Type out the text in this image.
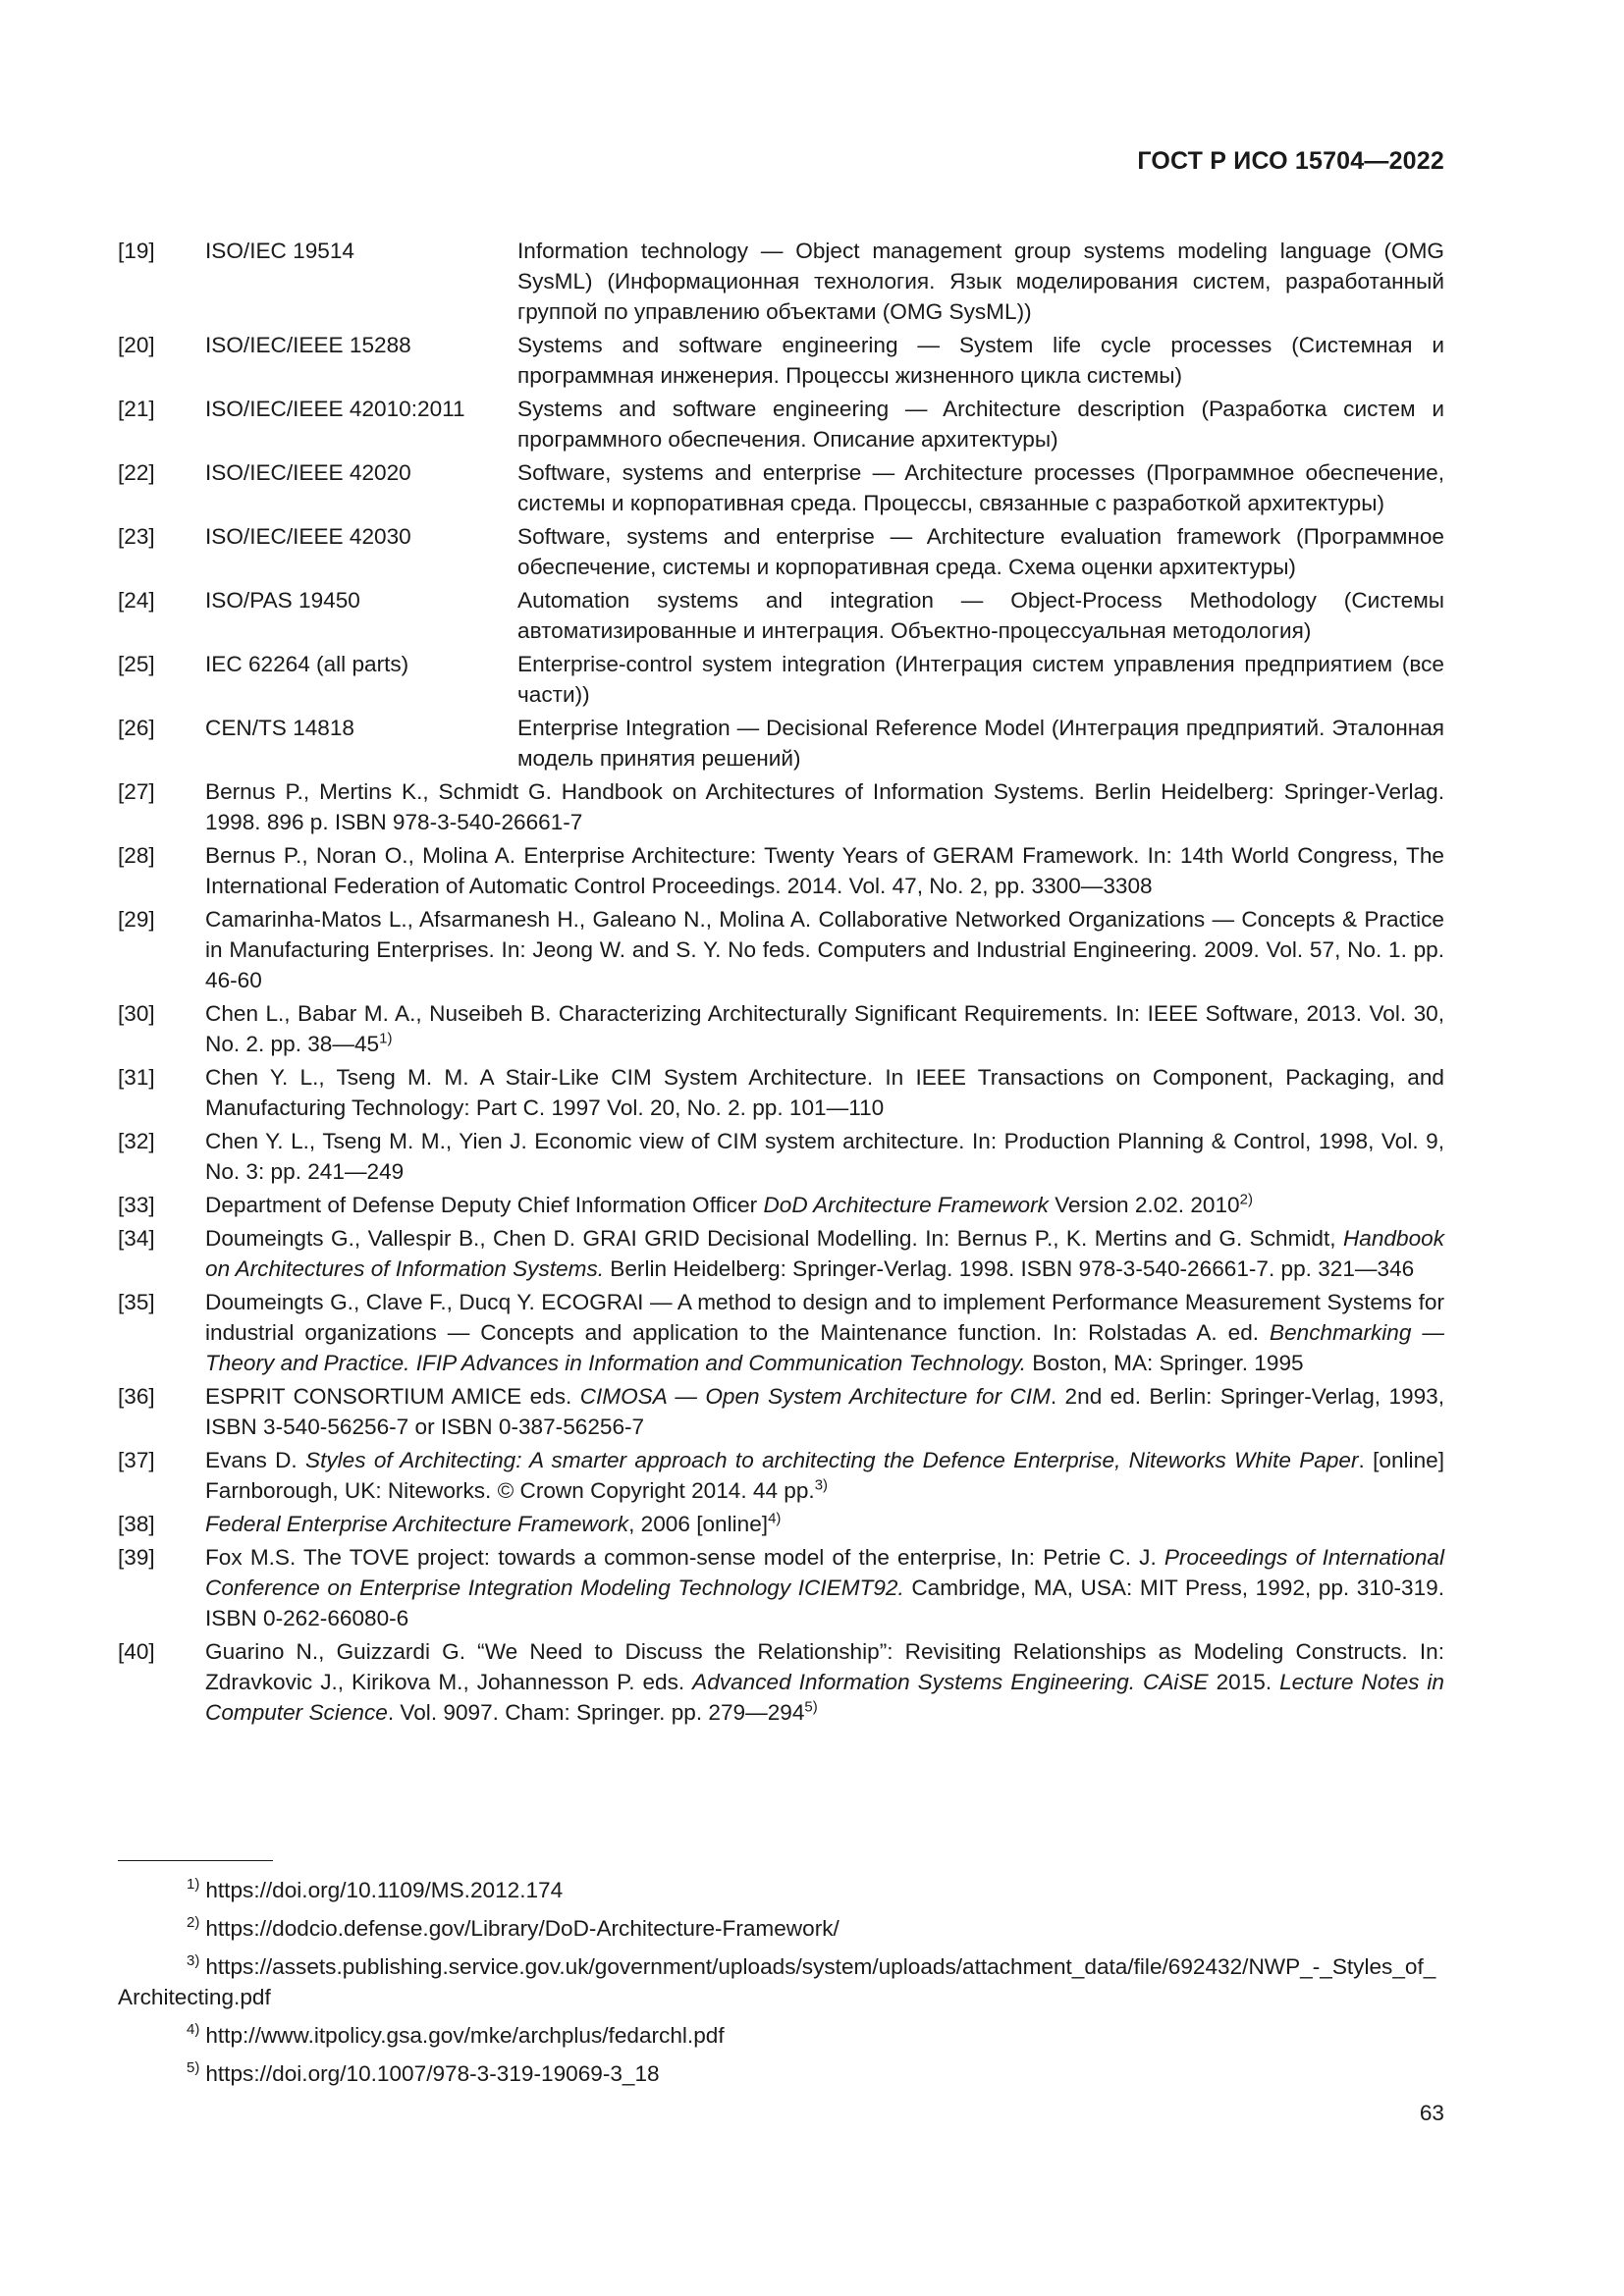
ГОСТ Р ИСО 15704—2022
[19]	ISO/IEC 19514	Information technology — Object management group systems modeling language (OMG SysML) (Информационная технология. Язык моделирования систем, разработанный группой по управлению объектами (OMG SysML))
[20]	ISO/IEC/IEEE 15288	Systems and software engineering — System life cycle processes (Системная и программная инженерия. Процессы жизненного цикла системы)
[21]	ISO/IEC/IEEE 42010:2011	Systems and software engineering — Architecture description (Разработка систем и программного обеспечения. Описание архитектуры)
[22]	ISO/IEC/IEEE 42020	Software, systems and enterprise — Architecture processes (Программное обеспечение, системы и корпоративная среда. Процессы, связанные с разработкой архитектуры)
[23]	ISO/IEC/IEEE 42030	Software, systems and enterprise — Architecture evaluation framework (Программное обеспечение, системы и корпоративная среда. Схема оценки архитектуры)
[24]	ISO/PAS 19450	Automation systems and integration — Object-Process Methodology (Системы автоматизированные и интеграция. Объектно-процессуальная методология)
[25]	IEC 62264 (all parts)	Enterprise-control system integration (Интеграция систем управления предприятием (все части))
[26]	CEN/TS 14818	Enterprise Integration — Decisional Reference Model (Интеграция предприятий. Эталонная модель принятия решений)
[27]	Bernus P., Mertins K., Schmidt G. Handbook on Architectures of Information Systems. Berlin Heidelberg: Springer-Verlag. 1998. 896 p. ISBN 978-3-540-26661-7
[28]	Bernus P., Noran O., Molina A. Enterprise Architecture: Twenty Years of GERAM Framework. In: 14th World Congress, The International Federation of Automatic Control Proceedings. 2014. Vol. 47, No. 2, pp. 3300—3308
[29]	Camarinha-Matos L., Afsarmanesh H., Galeano N., Molina A. Collaborative Networked Organizations — Concepts & Practice in Manufacturing Enterprises. In: Jeong W. and S. Y. No feds. Computers and Industrial Engineering. 2009. Vol. 57, No. 1. pp. 46-60
[30]	Chen L., Babar M. A., Nuseibeh B. Characterizing Architecturally Significant Requirements. In: IEEE Software, 2013. Vol. 30, No. 2. pp. 38—45$^{1)}$
[31]	Chen Y. L., Tseng M. M. A Stair-Like CIM System Architecture. In IEEE Transactions on Component, Packaging, and Manufacturing Technology: Part C. 1997 Vol. 20, No. 2. pp. 101—110
[32]	Chen Y. L., Tseng M. M., Yien J. Economic view of CIM system architecture. In: Production Planning & Control, 1998, Vol. 9, No. 3: pp. 241—249
[33]	Department of Defense Deputy Chief Information Officer DoD Architecture Framework Version 2.02. 2010$^{2)}$
[34]	Doumeingts G., Vallespir B., Chen D. GRAI GRID Decisional Modelling. In: Bernus P., K. Mertins and G. Schmidt, Handbook on Architectures of Information Systems. Berlin Heidelberg: Springer-Verlag. 1998. ISBN 978-3-540-26661-7. pp. 321—346
[35]	Doumeingts G., Clave F., Ducq Y. ECOGRAI — A method to design and to implement Performance Measurement Systems for industrial organizations — Concepts and application to the Maintenance function. In: Rolstadas A. ed. Benchmarking — Theory and Practice. IFIP Advances in Information and Communication Technology. Boston, MA: Springer. 1995
[36]	ESPRIT CONSORTIUM AMICE eds. CIMOSA — Open System Architecture for CIM. 2nd ed. Berlin: Springer-Verlag, 1993, ISBN 3-540-56256-7 or ISBN 0-387-56256-7
[37]	Evans D. Styles of Architecting: A smarter approach to architecting the Defence Enterprise, Niteworks White Paper. [online] Farnborough, UK: Niteworks. © Crown Copyright 2014. 44 pp.$^{3)}$
[38]	Federal Enterprise Architecture Framework, 2006 [online]$^{4)}$
[39]	Fox M.S. The TOVE project: towards a common-sense model of the enterprise, In: Petrie C. J. Proceedings of International Conference on Enterprise Integration Modeling Technology ICIEMT92. Cambridge, MA, USA: MIT Press, 1992, pp. 310-319. ISBN 0-262-66080-6
[40]	Guarino N., Guizzardi G. “We Need to Discuss the Relationship”: Revisiting Relationships as Modeling Constructs. In: Zdravkovic J., Kirikova M., Johannesson P. eds. Advanced Information Systems Engineering. CAiSE 2015. Lecture Notes in Computer Science. Vol. 9097. Cham: Springer. pp. 279—294$^{5)}$
$^{1)}$ https://doi.org/10.1109/MS.2012.174
$^{2)}$ https://dodcio.defense.gov/Library/DoD-Architecture-Framework/
$^{3)}$ https://assets.publishing.service.gov.uk/government/uploads/system/uploads/attachment_data/file/692432/NWP_-_Styles_of_Architecting.pdf
$^{4)}$ http://www.itpolicy.gsa.gov/mke/archplus/fedarchl.pdf
$^{5)}$ https://doi.org/10.1007/978-3-319-19069-3_18
63
